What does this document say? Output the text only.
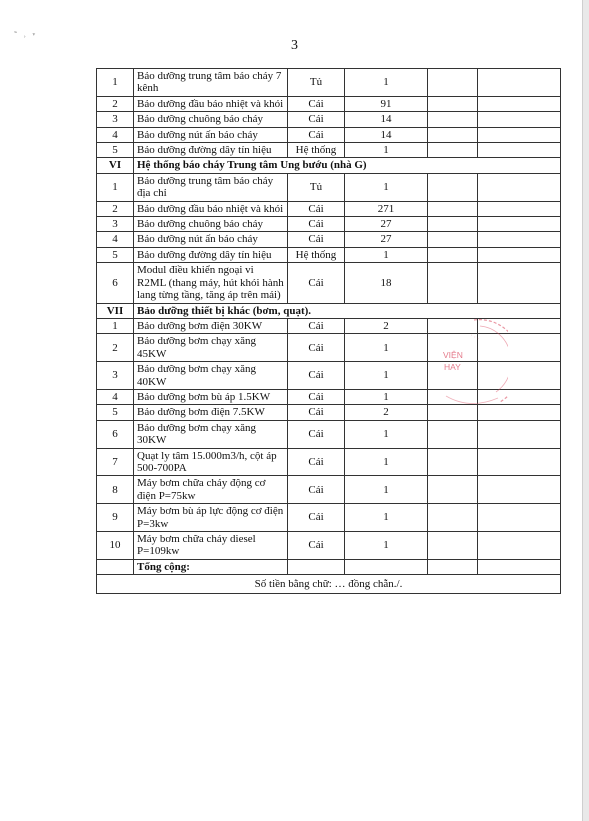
˜ ˒ ᵛ
3
1	Bảo dưỡng trung tâm báo cháy 7 kênh	Tủ	1		
2	Bảo dưỡng đầu báo nhiệt và khói	Cái	91		
3	Bảo dưỡng chuông báo cháy	Cái	14		
4	Bảo dưỡng nút ấn báo cháy	Cái	14		
5	Bảo dưỡng đường dây tín hiệu	Hệ thống	1		
VI	Hệ thống báo cháy Trung tâm Ung bướu (nhà G)				
1	Bảo dưỡng trung tâm báo cháy địa chỉ	Tủ	1		
2	Bảo dưỡng đầu báo nhiệt và khói	Cái	271		
3	Bảo dưỡng chuông báo cháy	Cái	27		
4	Bảo dưỡng nút ấn báo cháy	Cái	27		
5	Bảo dưỡng đường dây tín hiệu	Hệ thống	1		
6	Modul điều khiển ngoại vi R2ML (thang máy, hút khói hành lang từng tầng, tăng áp trên mái)	Cái	18		
VII	Bảo dưỡng thiết bị khác (bơm, quạt).				
1	Bảo dưỡng bơm điện 30KW	Cái	2		
2	Bảo dưỡng bơm chạy xăng 45KW	Cái	1		
3	Bảo dưỡng bơm chạy xăng 40KW	Cái	1		
4	Bảo dưỡng bơm bù áp 1.5KW	Cái	1		
5	Bảo dưỡng bơm điện 7.5KW	Cái	2		
6	Bảo dưỡng bơm chạy xăng 30KW	Cái	1		
7	Quạt ly tâm 15.000m3/h, cột áp 500-700PA	Cái	1		
8	Máy bơm chữa cháy động cơ điện P=75kw	Cái	1		
9	Máy bơm bù áp lực động cơ điện P=3kw	Cái	1		
10	Máy bơm chữa cháy diesel P=109kw	Cái	1		
	Tổng cộng:				
Số tiền bằng chữ: … đồng chẵn./.					
VIỆN
HAY
· · ·
